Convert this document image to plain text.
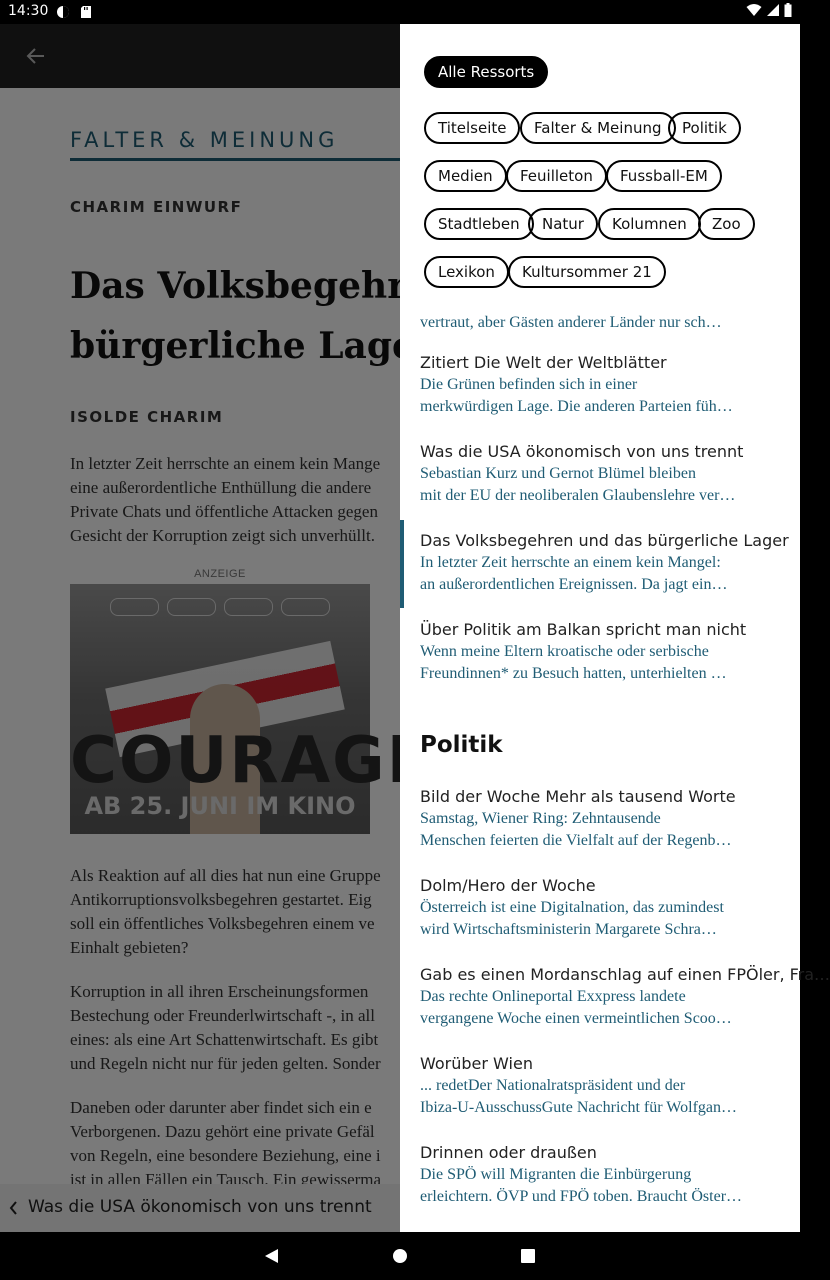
14:30
vertraut, aber Gästen anderer Länder nur sch…
Zitiert Die Welt der Weltblätter
Die Grünen befinden sich in einer
merkwürdigen Lage. Die anderen Parteien füh…
Was die USA ökonomisch von uns trennt
Sebastian Kurz und Gernot Blümel bleiben
mit der EU der neoliberalen Glaubenslehre ver…
Das Volksbegehren und das bürgerliche Lager
In letzter Zeit herrschte an einem kein Mangel:
an außerordentlichen Ereignissen. Da jagt ein…
Über Politik am Balkan spricht man nicht
Wenn meine Eltern kroatische oder serbische
Freundinnen* zu Besuch hatten, unterhielten …
Politik
Bild der Woche Mehr als tausend Worte
Samstag, Wiener Ring: Zehntausende
Menschen feierten die Vielfalt auf der Regenb…
Dolm/Hero der Woche
Österreich ist eine Digitalnation, das zumindest
wird Wirtschaftsministerin Margarete Schra…
Gab es einen Mordanschlag auf einen FPÖler, Fra…
Das rechte Onlineportal Exxpress landete
vergangene Woche einen vermeintlichen Scoo…
Worüber Wien
... redetDer Nationalratspräsident und der
Ibiza-U-AusschussGute Nachricht für Wolfgan…
Drinnen oder draußen
Die SPÖ will Migranten die Einbürgerung
erleichtern. ÖVP und FPÖ toben. Braucht Öster…
Alle Ressorts
Titelseite	Falter & Meinung	Politik
Medien	Feuilleton	Fussball-EM
Stadtleben	Natur	Kolumnen	Zoo
Lexikon	Kultursommer 21
